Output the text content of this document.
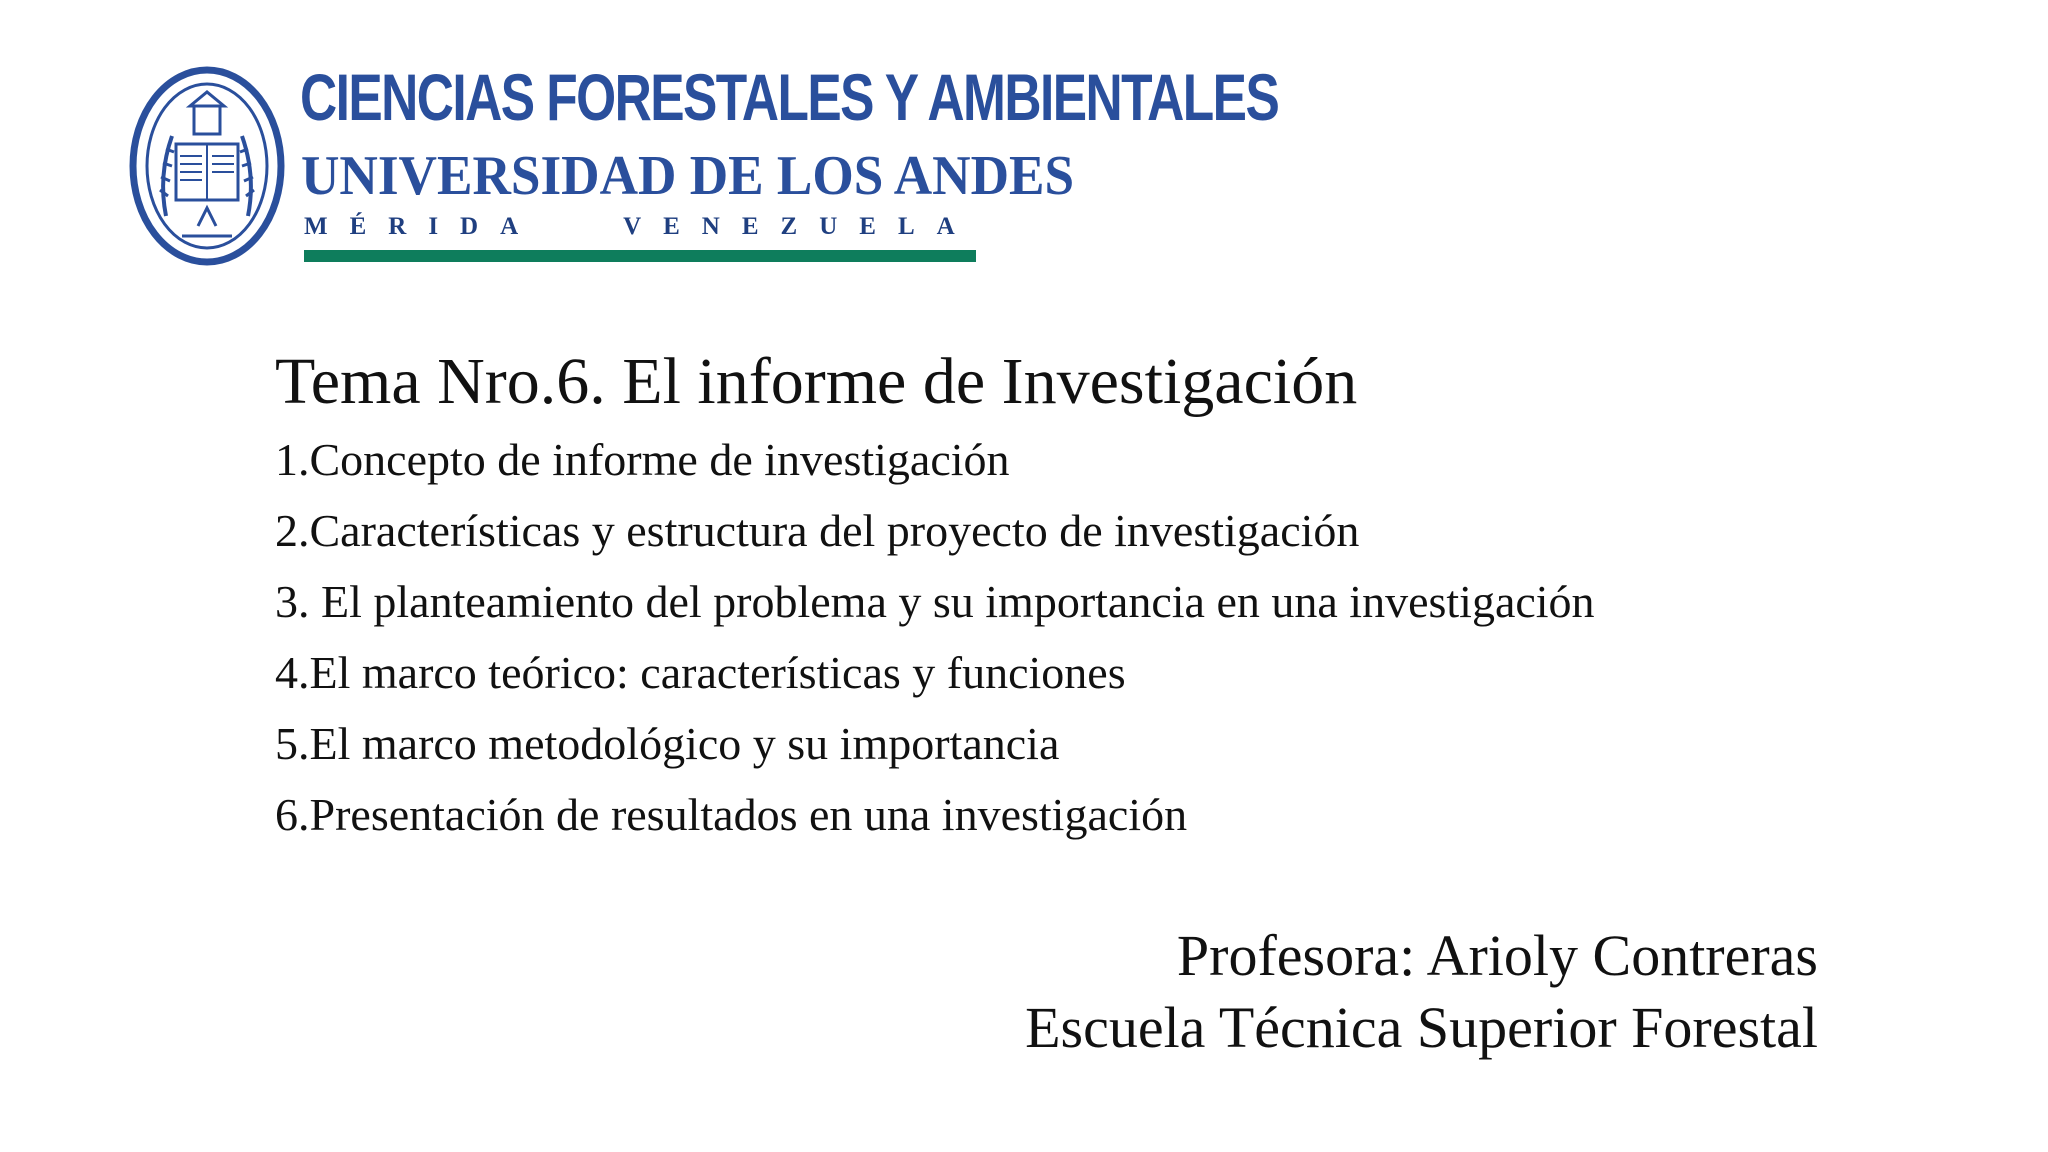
CIENCIAS FORESTALES Y AMBIENTALES
UNIVERSIDAD DE LOS ANDES
MÉRIDA   VENEZUELA
Tema Nro.6. El informe de Investigación
1.Concepto de informe de investigación
2.Características y estructura del proyecto de investigación
3. El planteamiento del problema y su importancia en una investigación
4.El marco teórico: características y funciones
5.El marco metodológico y su importancia
6.Presentación de resultados en una investigación
Profesora: Arioly Contreras
Escuela Técnica Superior Forestal
